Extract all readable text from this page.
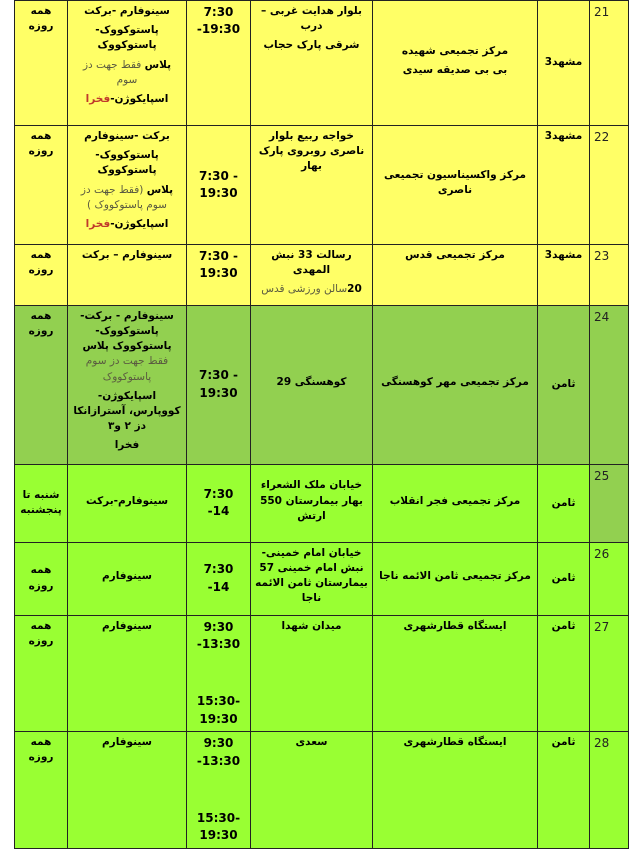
21	مشهد3	مرکز تجمیعی شهیده
بی بی صدیقه سیدی	بلوار هدایت غربی – درب
شرقی پارک حجاب	7:30 -19:30	سینوفارم -برکت
پاستوکووک-پاستوکووک
پلاس فقط جهت دز سوم
اسپایکوژن-فخرا	همه روزه
22	مشهد3	مرکز واکسیناسیون تجمیعی ناصری	خواجه ربیع بلوار ناصری روبروی پارک بهار	7:30 -
19:30	برکت -سینوفارم
پاستوکووک- پاستوکووک
پلاس (فقط جهت دز سوم پاستوکووک )
اسپایکوژن-فخرا	همه روزه
23	مشهد3	مرکز تجمیعی قدس	رسالت 33 نبش المهدی
20سالن ورزشی قدس	7:30 -
19:30	سینوفارم – برکت	همه روزه
24	ثامن	مرکز تجمیعی مهر کوهسنگی	کوهسنگی 29	7:30 -
19:30	سینوفارم - برکت-پاستوکووک-پاستوکووک پلاس فقط جهت دز سوم پاستوکووک
اسپایکوژن- کووپارس، آسترازانکا دز ۲ و۳
فخرا	همه روزه
25	ثامن	مرکز تجمیعی فجر انقلاب	خیابان ملک الشعراء بهار بیمارستان 550 ارتش	7:30 -14	سینوفارم-برکت	شنبه تا پنجشنبه
26	ثامن	مرکز تجمیعی ثامن الائمه ناجا	خیابان امام خمینی- نبش امام خمینی 57 بیمارستان ثامن الائمه ناجا	7:30 -14	سینوفارم	همه روزه
27	ثامن	ایستگاه قطارشهری	میدان شهدا	9:30 -13:30
15:30-
19:30	سینوفارم	همه روزه
28	ثامن	ایستگاه قطارشهری	سعدی	9:30 -13:30
15:30-
19:30	سینوفارم	همه روزه
